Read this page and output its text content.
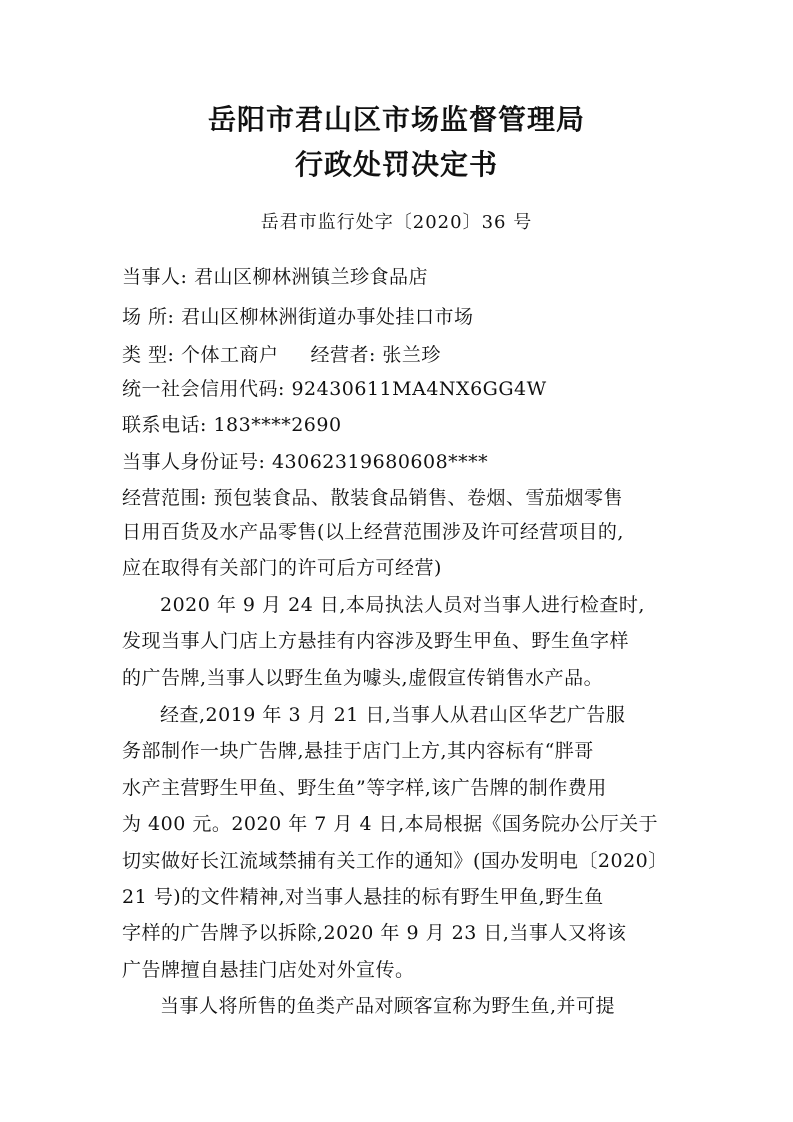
岳阳市君山区市场监督管理局
行政处罚决定书
岳君市监行处字〔2020〕36 号
当事人: 君山区柳林洲镇兰珍食品店
场 所: 君山区柳林洲街道办事处挂口市场
类 型: 个体工商户 经营者: 张兰珍
统一社会信用代码: 92430611MA4NX6GG4W
联系电话: 183****2690
当事人身份证号: 43062319680608****
经营范围: 预包装食品、散装食品销售、卷烟、雪茄烟零售
日用百货及水产品零售(以上经营范围涉及许可经营项目的,
应在取得有关部门的许可后方可经营)
2020 年 9 月 24 日,本局执法人员对当事人进行检查时,
发现当事人门店上方悬挂有内容涉及野生甲鱼、野生鱼字样
的广告牌,当事人以野生鱼为噱头,虚假宣传销售水产品。
经查,2019 年 3 月 21 日,当事人从君山区华艺广告服
务部制作一块广告牌,悬挂于店门上方,其内容标有“胖哥
水产主营野生甲鱼、野生鱼”等字样,该广告牌的制作费用
为 400 元。2020 年 7 月 4 日,本局根据《国务院办公厅关于
切实做好长江流域禁捕有关工作的通知》(国办发明电〔2020〕
21 号)的文件精神,对当事人悬挂的标有野生甲鱼,野生鱼
字样的广告牌予以拆除,2020 年 9 月 23 日,当事人又将该
广告牌擅自悬挂门店处对外宣传。
当事人将所售的鱼类产品对顾客宣称为野生鱼,并可提
